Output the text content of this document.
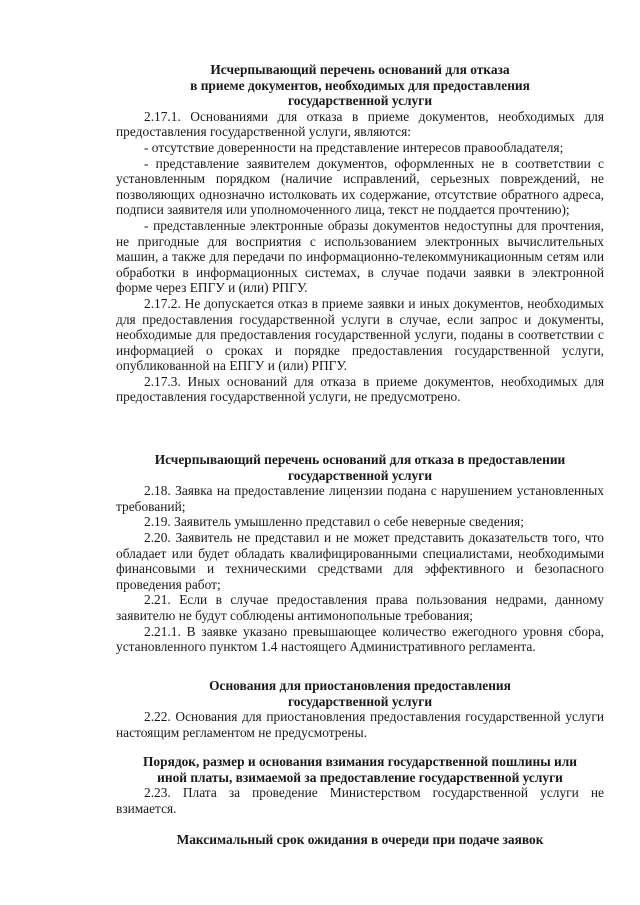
Исчерпывающий перечень оснований для отказа
в приеме документов, необходимых для предоставления
государственной услуги

2.17.1. Основаниями для отказа в приеме документов, необходимых для предоставления государственной услуги, являются:

- отсутствие доверенности на представление интересов правообладателя;

- представление заявителем документов, оформленных не в соответствии с установленным порядком (наличие исправлений, серьезных повреждений, не позволяющих однозначно истолковать их содержание, отсутствие обратного адреса, подписи заявителя или уполномоченного лица, текст не поддается прочтению);

- представленные электронные образы документов недоступны для прочтения, не пригодные для восприятия с использованием электронных вычислительных машин, а также для передачи по информационно-телекоммуникационным сетям или обработки в информационных системах, в случае подачи заявки в электронной форме через ЕПГУ и (или) РПГУ.

2.17.2. Не допускается отказ в приеме заявки и иных документов, необходимых для предоставления государственной услуги в случае, если запрос и документы, необходимые для предоставления государственной услуги, поданы в соответствии с информацией о сроках и порядке предоставления государственной услуги, опубликованной на ЕПГУ и (или) РПГУ.

2.17.3. Иных оснований для отказа в приеме документов, необходимых для предоставления государственной услуги, не предусмотрено.

Исчерпывающий перечень оснований для отказа в предоставлении
государственной услуги

2.18. Заявка на предоставление лицензии подана с нарушением установленных требований;

2.19. Заявитель умышленно представил о себе неверные сведения;

2.20. Заявитель не представил и не может представить доказательств того, что обладает или будет обладать квалифицированными специалистами, необходимыми финансовыми и техническими средствами для эффективного и безопасного проведения работ;

2.21. Если в случае предоставления права пользования недрами, данному заявителю не будут соблюдены антимонопольные требования;

2.21.1. В заявке указано превышающее количество ежегодного уровня сбора, установленного пунктом 1.4 настоящего Административного регламента.

Основания для приостановления предоставления
государственной услуги

2.22. Основания для приостановления предоставления государственной услуги настоящим регламентом не предусмотрены.

Порядок, размер и основания взимания государственной пошлины или
иной платы, взимаемой за предоставление государственной услуги

2.23. Плата за проведение Министерством государственной услуги не взимается.

Максимальный срок ожидания в очереди при подаче заявок
